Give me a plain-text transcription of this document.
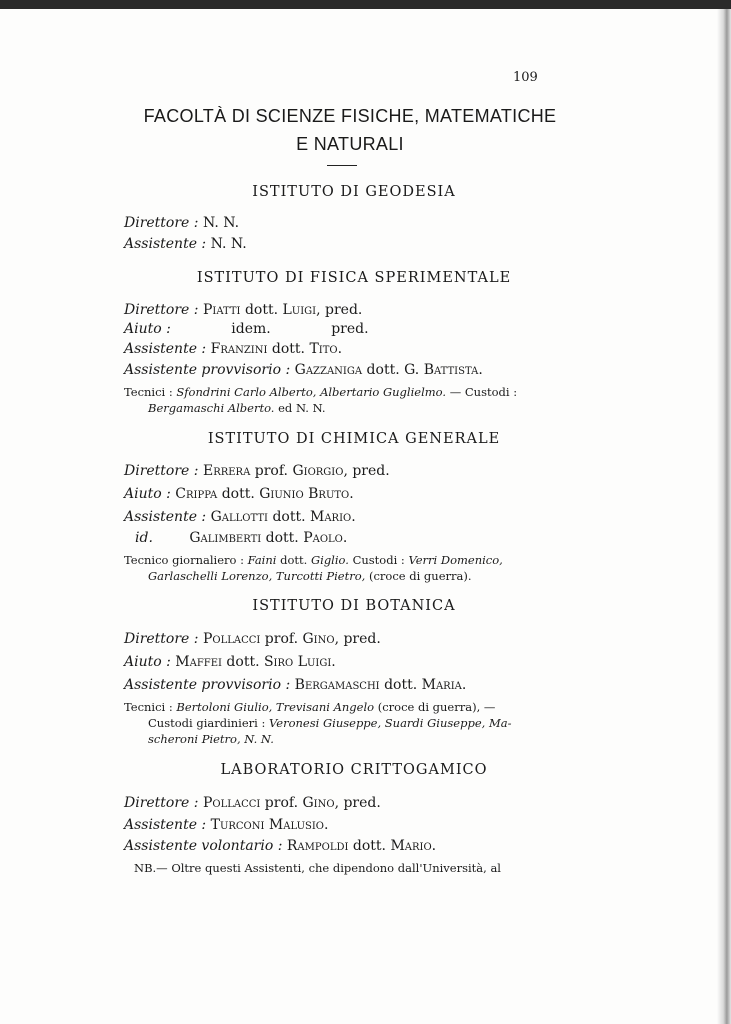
109
FACOLTÀ DI SCIENZE FISICHE, MATEMATICHE
E NATURALI
ISTITUTO DI GEODESIA
Direttore : N. N.
Assistente : N. N.
ISTITUTO DI FISICA SPERIMENTALE
Direttore : Piatti dott. Luigi, pred.
Aiuto :	idem.	pred.
Assistente : Franzini dott. Tito.
Assistente provvisorio : Gazzaniga dott. G. Battista.
Tecnici : Sfondrini Carlo Alberto, Albertario Guglielmo. — Custodi :
Bergamaschi Alberto. ed N. N.
ISTITUTO DI CHIMICA GENERALE
Direttore : Errera prof. Giorgio, pred.
Aiuto : Crippa dott. Giunio Bruto.
Assistente : Gallotti dott. Mario.
id.	Galimberti dott. Paolo.
Tecnico giornaliero : Faini dott. Giglio. Custodi : Verri Domenico,
Garlaschelli Lorenzo, Turcotti Pietro, (croce di guerra).
ISTITUTO DI BOTANICA
Direttore : Pollacci prof. Gino, pred.
Aiuto : Maffei dott. Siro Luigi.
Assistente provvisorio : Bergamaschi dott. Maria.
Tecnici : Bertoloni Giulio, Trevisani Angelo (croce di guerra), —
Custodi giardinieri : Veronesi Giuseppe, Suardi Giuseppe, Ma-
scheroni Pietro, N. N.
LABORATORIO CRITTOGAMICO
Direttore : Pollacci prof. Gino, pred.
Assistente : Turconi Malusio.
Assistente volontario : Rampoldi dott. Mario.
NB.— Oltre questi Assistenti, che dipendono dall'Università, al
